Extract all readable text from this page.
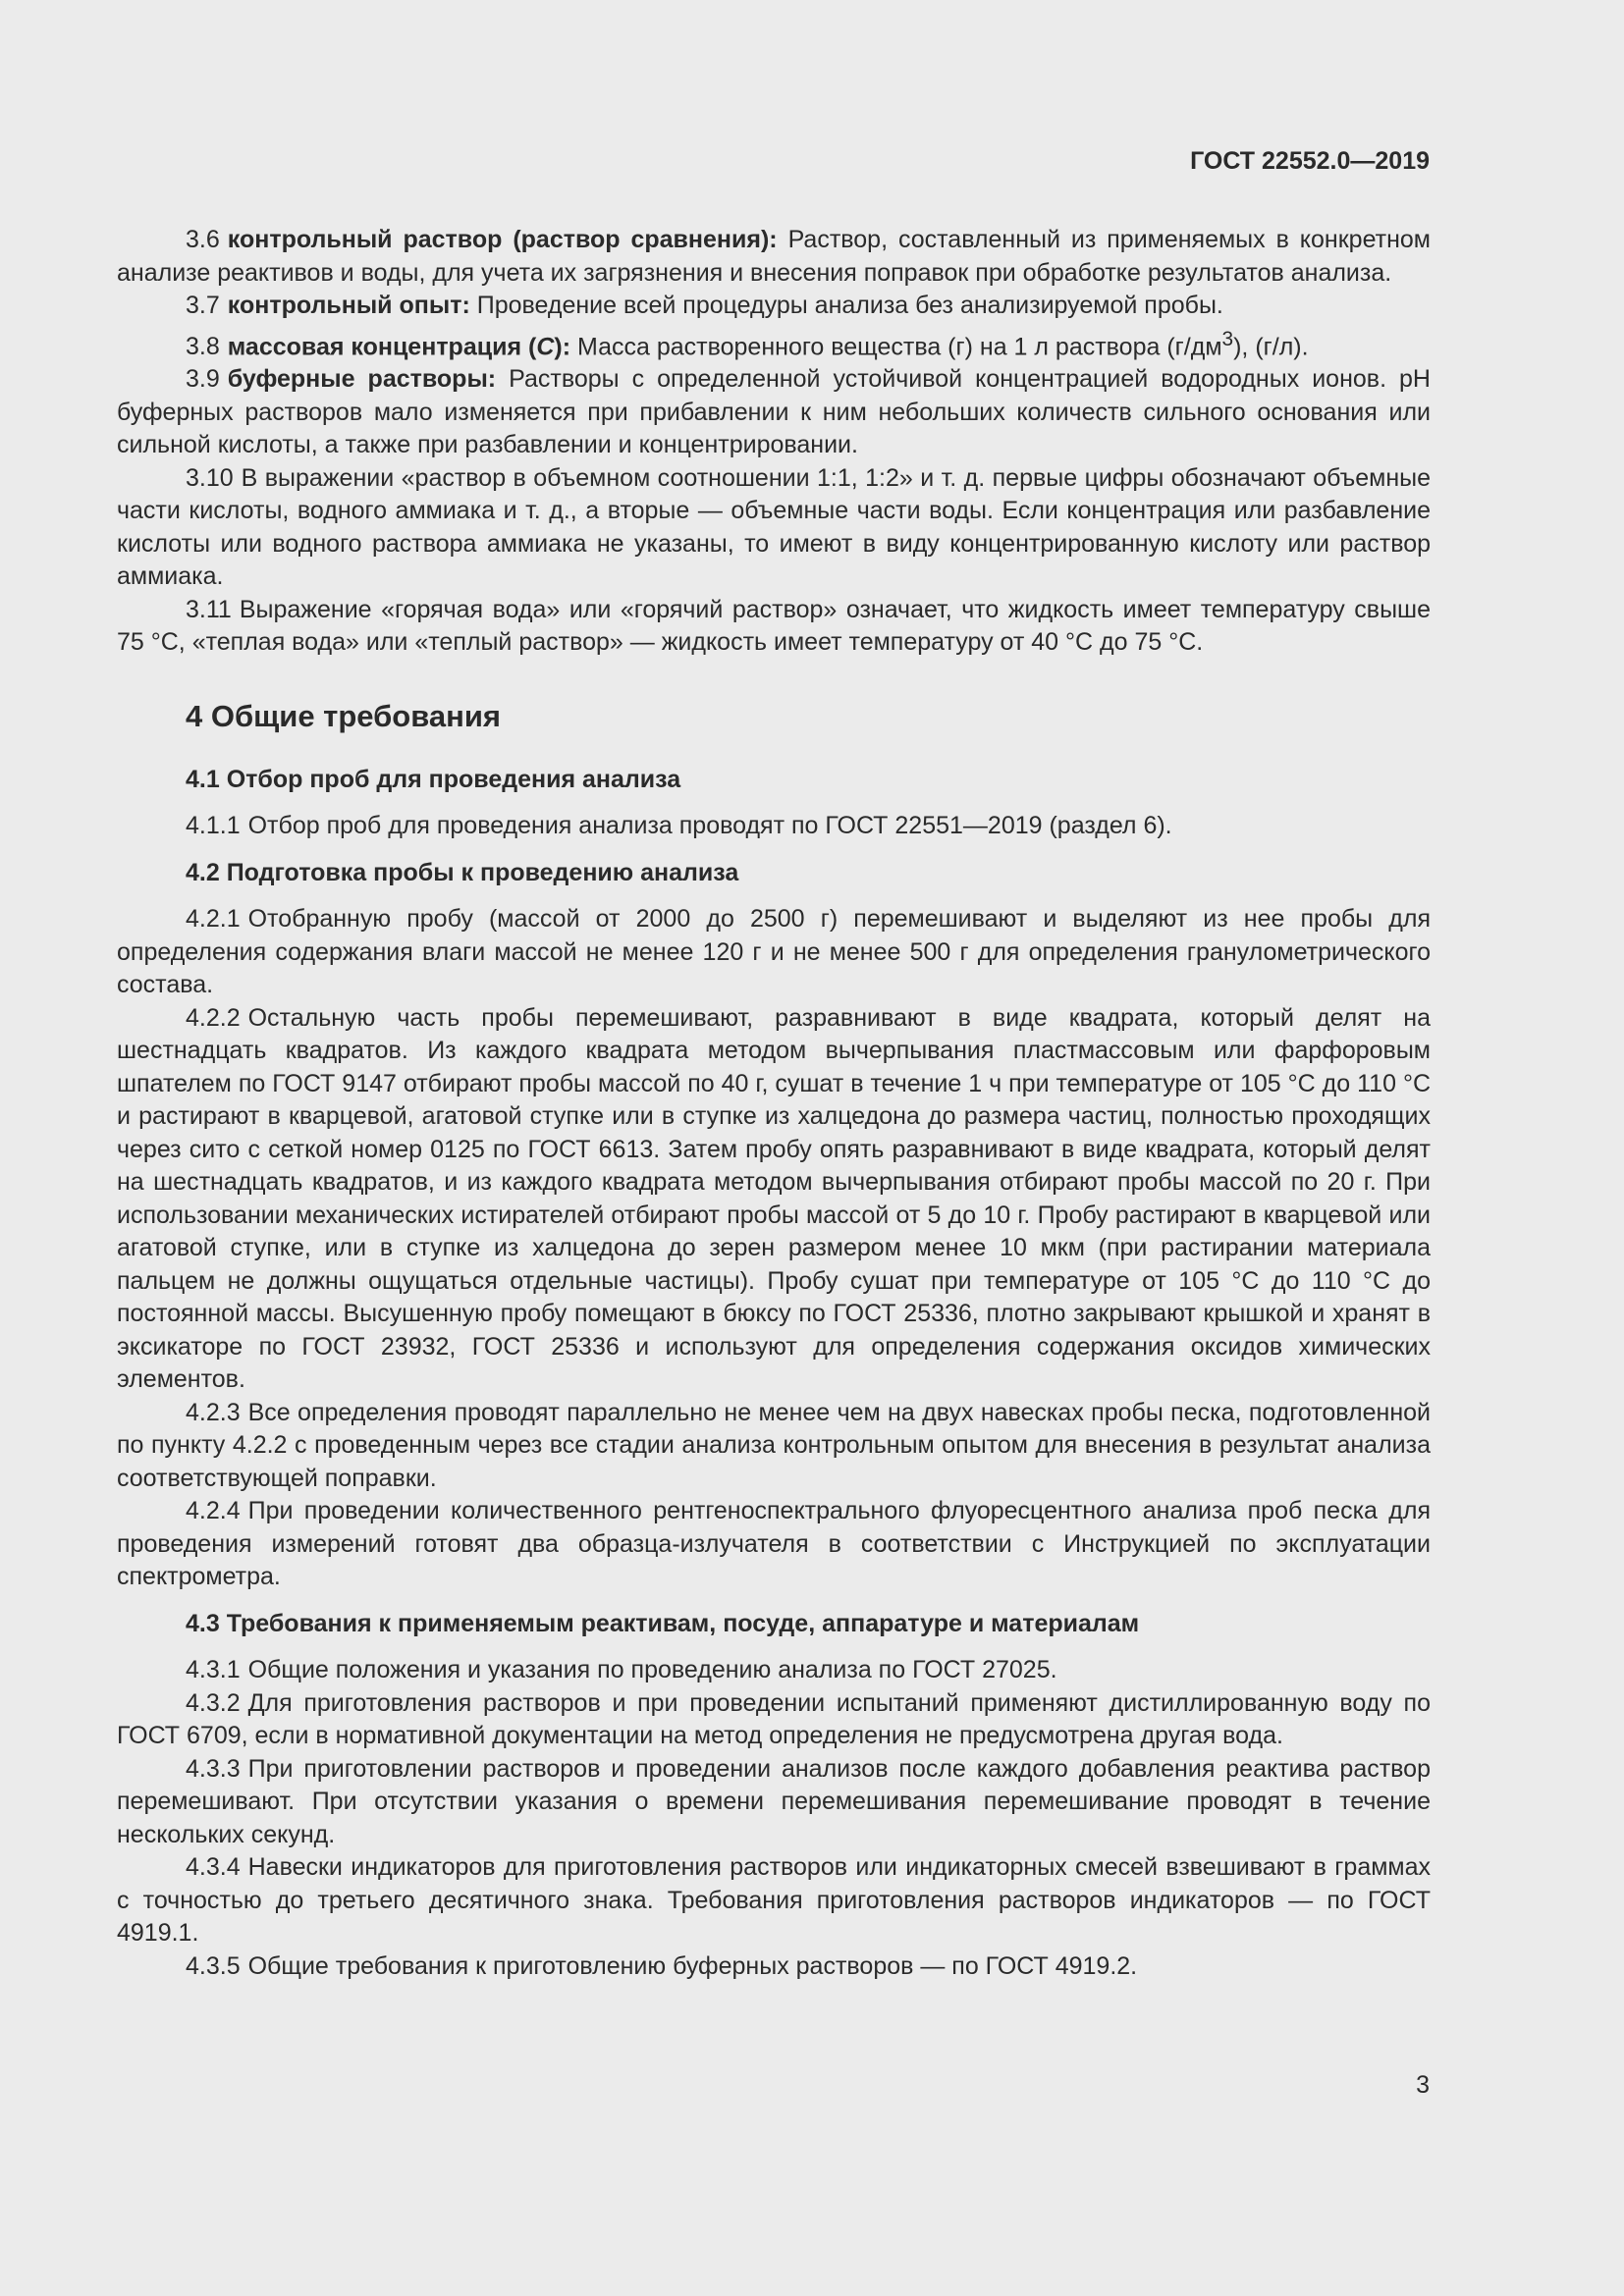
ГОСТ 22552.0—2019

3.6 контрольный раствор (раствор сравнения): Раствор, составленный из применяемых в конкретном анализе реактивов и воды, для учета их загрязнения и внесения поправок при обработке результатов анализа.

3.7 контрольный опыт: Проведение всей процедуры анализа без анализируемой пробы.

3.8 массовая концентрация (C): Масса растворенного вещества (г) на 1 л раствора $(г/дм^3)$, (г/л).

3.9 буферные растворы: Растворы с определенной устойчивой концентрацией водородных ионов. pH буферных растворов мало изменяется при прибавлении к ним небольших количеств сильного основания или сильной кислоты, а также при разбавлении и концентрировании.

3.10 В выражении «раствор в объемном соотношении 1:1, 1:2» и т. д. первые цифры обозначают объемные части кислоты, водного аммиака и т. д., а вторые — объемные части воды. Если концентрация или разбавление кислоты или водного раствора аммиака не указаны, то имеют в виду концентрированную кислоту или раствор аммиака.

3.11 Выражение «горячая вода» или «горячий раствор» означает, что жидкость имеет температуру свыше 75 °С, «теплая вода» или «теплый раствор» — жидкость имеет температуру от 40 °С до 75 °С.

4 Общие требования
4.1 Отбор проб для проведения анализа

4.1.1 Отбор проб для проведения анализа проводят по ГОСТ 22551—2019 (раздел 6).

4.2 Подготовка пробы к проведению анализа

4.2.1 Отобранную пробу (массой от 2000 до 2500 г) перемешивают и выделяют из нее пробы для определения содержания влаги массой не менее 120 г и не менее 500 г для определения гранулометрического состава.

4.2.2 Остальную часть пробы перемешивают, разравнивают в виде квадрата, который делят на шестнадцать квадратов. Из каждого квадрата методом вычерпывания пластмассовым или фарфоровым шпателем по ГОСТ 9147 отбирают пробы массой по 40 г, сушат в течение 1 ч при температуре от 105 °С до 110 °С и растирают в кварцевой, агатовой ступке или в ступке из халцедона до размера частиц, полностью проходящих через сито с сеткой номер 0125 по ГОСТ 6613. Затем пробу опять разравнивают в виде квадрата, который делят на шестнадцать квадратов, и из каждого квадрата методом вычерпывания отбирают пробы массой по 20 г. При использовании механических истирателей отбирают пробы массой от 5 до 10 г. Пробу растирают в кварцевой или агатовой ступке, или в ступке из халцедона до зерен размером менее 10 мкм (при растирании материала пальцем не должны ощущаться отдельные частицы). Пробу сушат при температуре от 105 °С до 110 °С до постоянной массы. Высушенную пробу помещают в бюксу по ГОСТ 25336, плотно закрывают крышкой и хранят в эксикаторе по ГОСТ 23932, ГОСТ 25336 и используют для определения содержания оксидов химических элементов.

4.2.3 Все определения проводят параллельно не менее чем на двух навесках пробы песка, подготовленной по пункту 4.2.2 с проведенным через все стадии анализа контрольным опытом для внесения в результат анализа соответствующей поправки.

4.2.4 При проведении количественного рентгеноспектрального флуоресцентного анализа проб песка для проведения измерений готовят два образца-излучателя в соответствии с Инструкцией по эксплуатации спектрометра.

4.3 Требования к применяемым реактивам, посуде, аппаратуре и материалам

4.3.1 Общие положения и указания по проведению анализа по ГОСТ 27025.

4.3.2 Для приготовления растворов и при проведении испытаний применяют дистиллированную воду по ГОСТ 6709, если в нормативной документации на метод определения не предусмотрена другая вода.

4.3.3 При приготовлении растворов и проведении анализов после каждого добавления реактива раствор перемешивают. При отсутствии указания о времени перемешивания перемешивание проводят в течение нескольких секунд.

4.3.4 Навески индикаторов для приготовления растворов или индикаторных смесей взвешивают в граммах с точностью до третьего десятичного знака. Требования приготовления растворов индикаторов — по ГОСТ 4919.1.

4.3.5 Общие требования к приготовлению буферных растворов — по ГОСТ 4919.2.

3
